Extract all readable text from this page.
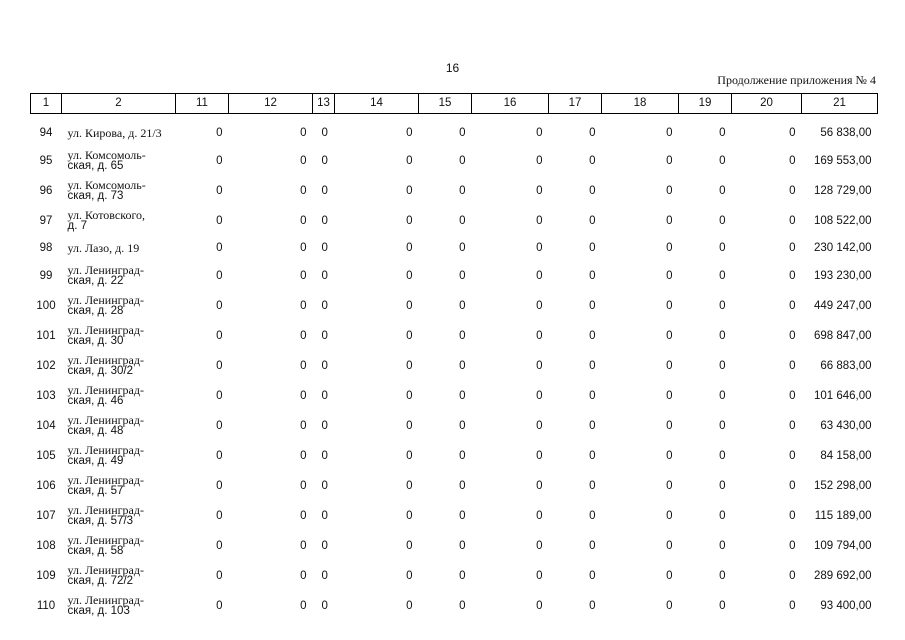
16
Продолжение приложения № 4
1	2	11	12	13	14	15	16	17	18	19	20	21

94	ул. Кирова, д. 21/3	0	0	0	0	0	0	0	0	0	0	56 838,00
95	ул. Комсомоль-
ская, д. 65	0	0	0	0	0	0	0	0	0	0	169 553,00
96	ул. Комсомоль-
ская, д. 73	0	0	0	0	0	0	0	0	0	0	128 729,00
97	ул. Котовского,
д. 7	0	0	0	0	0	0	0	0	0	0	108 522,00
98	ул. Лазо, д. 19	0	0	0	0	0	0	0	0	0	0	230 142,00
99	ул. Ленинград-
ская, д. 22	0	0	0	0	0	0	0	0	0	0	193 230,00
100	ул. Ленинград-
ская, д. 28	0	0	0	0	0	0	0	0	0	0	449 247,00
101	ул. Ленинград-
ская, д. 30	0	0	0	0	0	0	0	0	0	0	698 847,00
102	ул. Ленинград-
ская, д. 30/2	0	0	0	0	0	0	0	0	0	0	66 883,00
103	ул. Ленинград-
ская, д. 46	0	0	0	0	0	0	0	0	0	0	101 646,00
104	ул. Ленинград-
ская, д. 48	0	0	0	0	0	0	0	0	0	0	63 430,00
105	ул. Ленинград-
ская, д. 49	0	0	0	0	0	0	0	0	0	0	84 158,00
106	ул. Ленинград-
ская, д. 57	0	0	0	0	0	0	0	0	0	0	152 298,00
107	ул. Ленинград-
ская, д. 57/3	0	0	0	0	0	0	0	0	0	0	115 189,00
108	ул. Ленинград-
ская, д. 58	0	0	0	0	0	0	0	0	0	0	109 794,00
109	ул. Ленинград-
ская, д. 72/2	0	0	0	0	0	0	0	0	0	0	289 692,00
110	ул. Ленинград-
ская, д. 103	0	0	0	0	0	0	0	0	0	0	93 400,00
